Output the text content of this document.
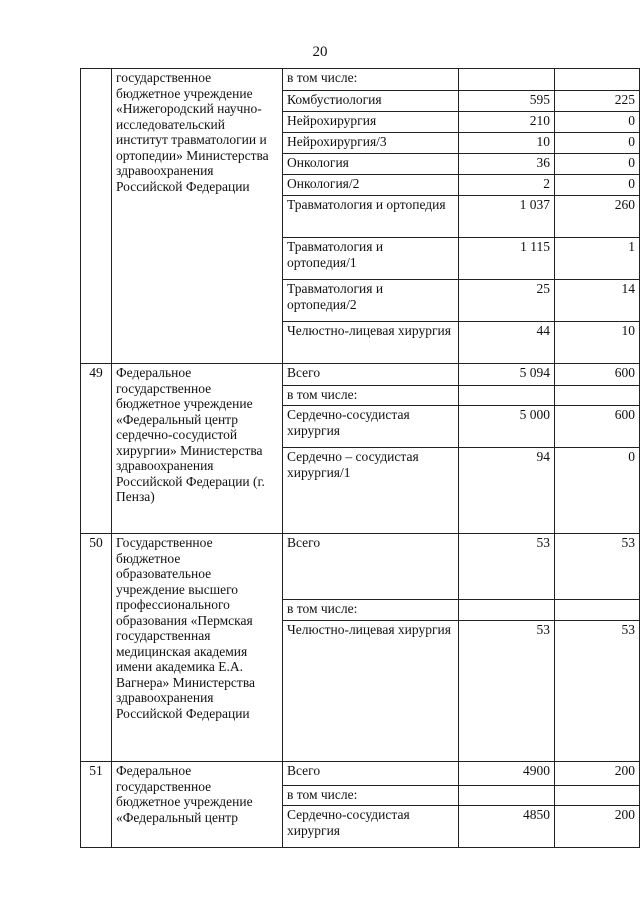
20
	государственное бюджетное учреждение «Нижегородский научно-исследовательский институт травматологии и ортопедии» Министерства здравоохранения Российской Федерации	в том числе:		
		Комбустиология	595	225
		Нейрохирургия	210	0
		Нейрохирургия/3	10	0
		Онкология	36	0
		Онкология/2	2	0
		Травматология и ортопедия	1 037	260
		Травматология и ортопедия/1	1 115	1
		Травматология и ортопедия/2	25	14
		Челюстно-лицевая хирургия	44	10
49	Федеральное государственное бюджетное учреждение «Федеральный центр сердечно-сосудистой хирургии» Министерства здравоохранения Российской Федерации (г. Пенза)	Всего	5 094	600
		в том числе:		
		Сердечно-сосудистая хирургия	5 000	600
		Сердечно – сосудистая хирургия/1	94	0
50	Государственное бюджетное образовательное учреждение высшего профессионального образования «Пермская государственная медицинская академия имени академика Е.А. Вагнера» Министерства здравоохранения Российской Федерации	Всего	53	53
		в том числе:		
		Челюстно-лицевая хирургия	53	53
51	Федеральное государственное бюджетное учреждение «Федеральный центр	Всего	4900	200
		в том числе:		
		Сердечно-сосудистая хирургия	4850	200
